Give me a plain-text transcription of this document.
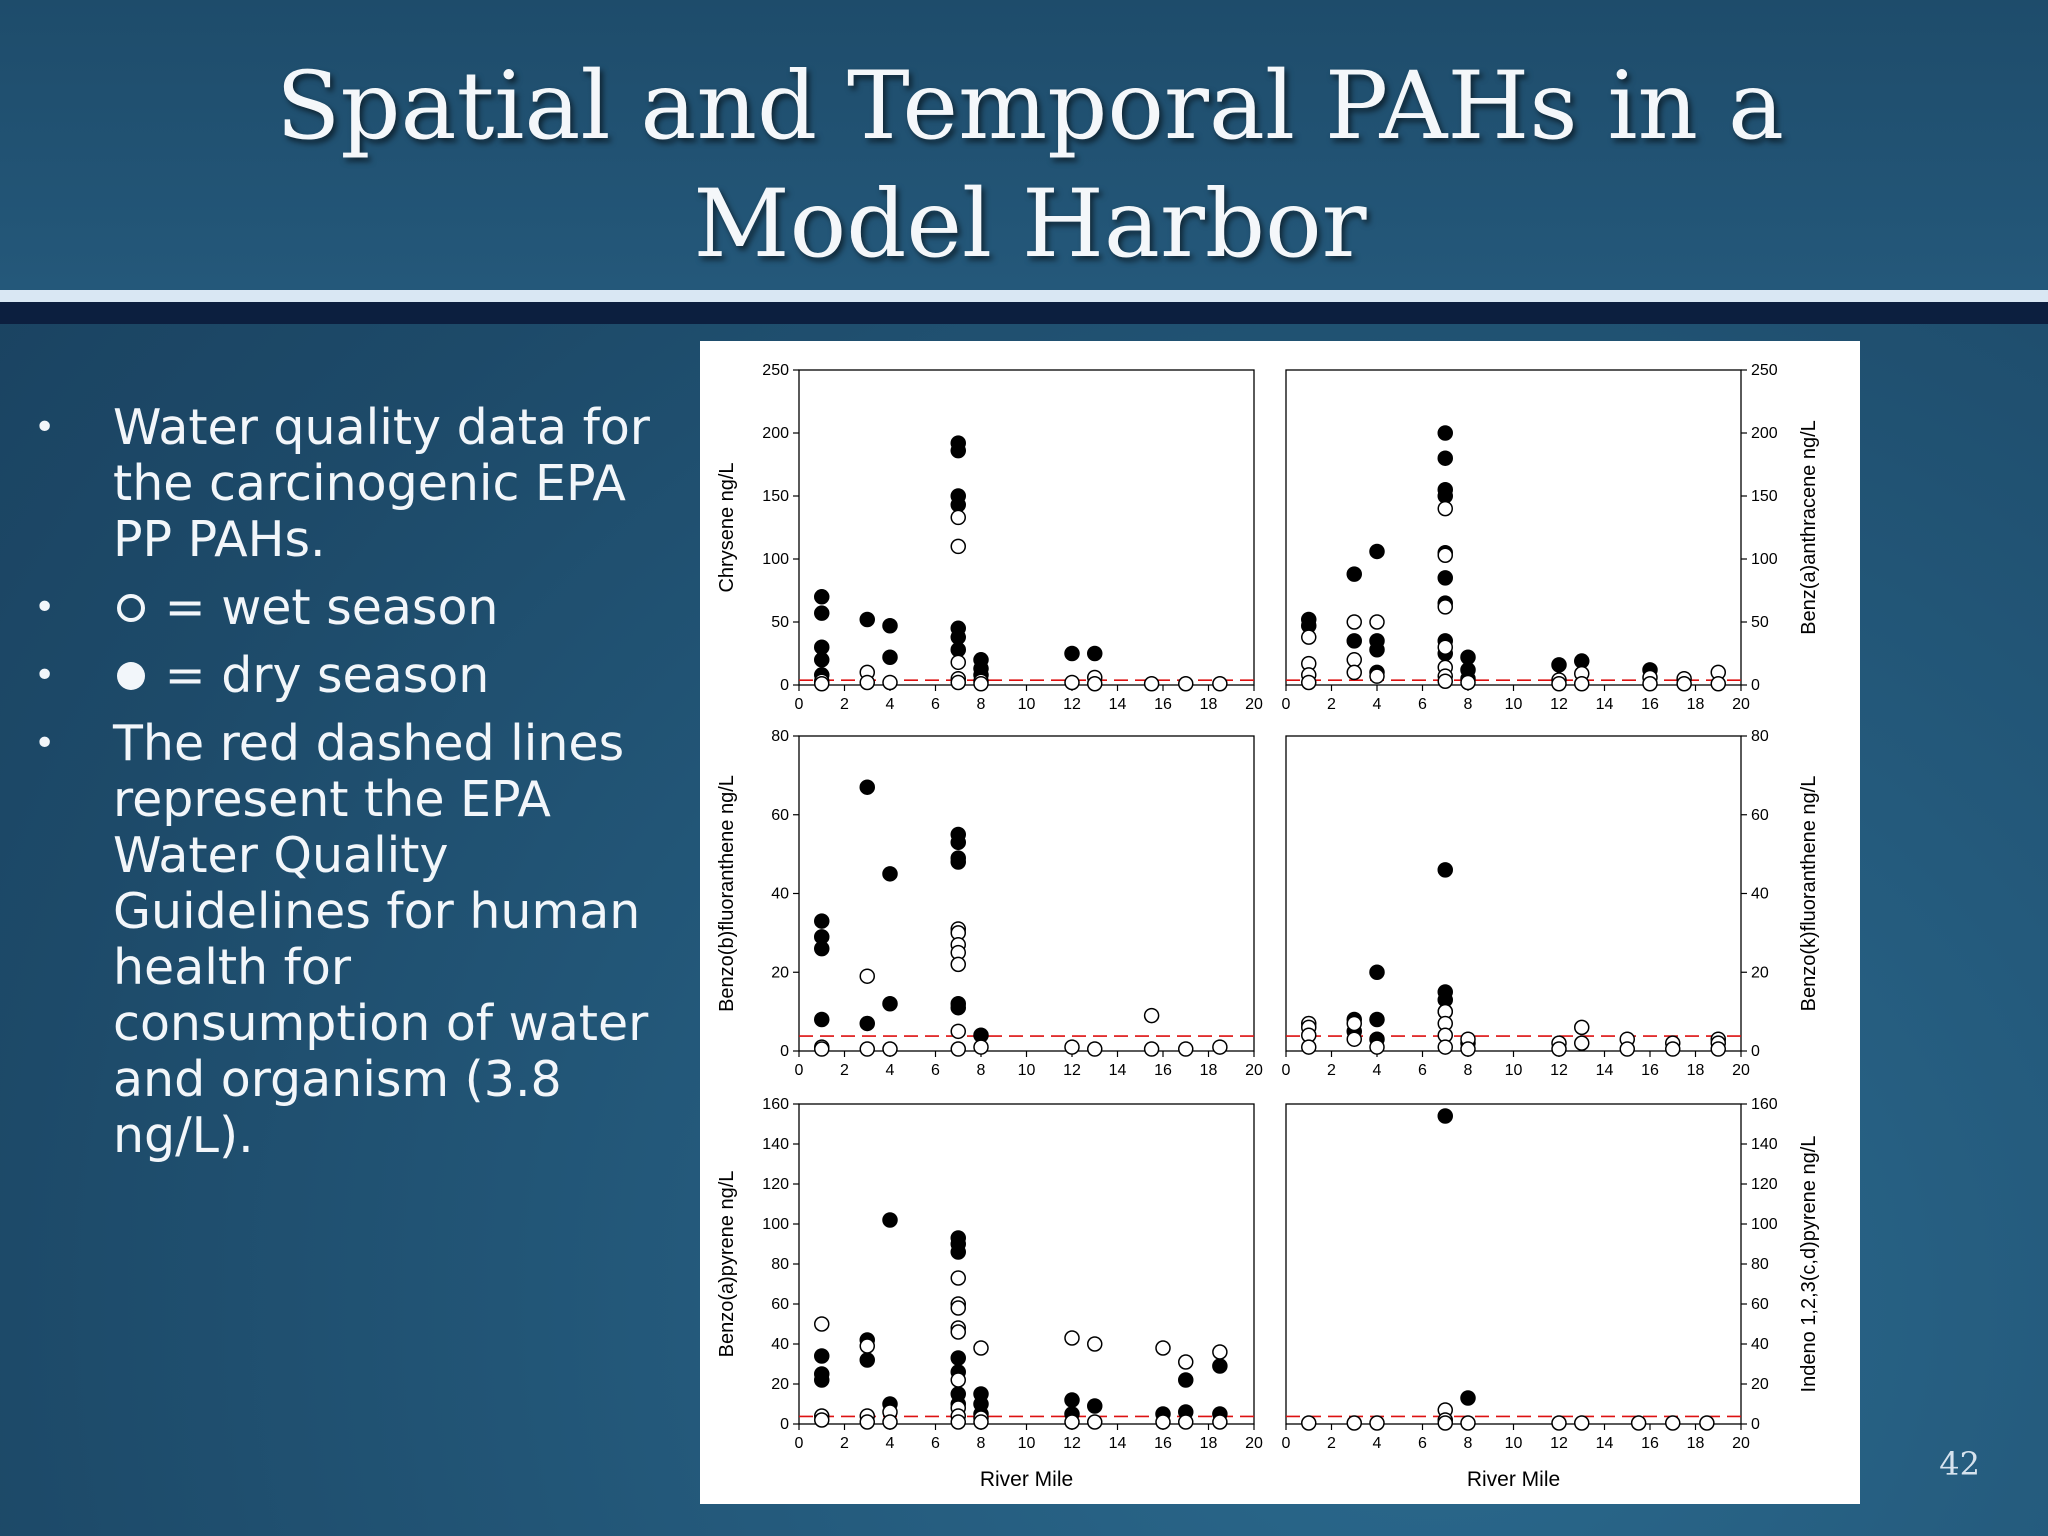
Spatial and Temporal PAHs in a
Model Harbor
• Water quality data for the carcinogenic EPA PP PAHs.
• = wet season
• = dry season
• The red dashed lines represent the EPA Water Quality Guidelines for human health for consumption of water and organism (3.8 ng/L).
0 2 4 6 8 10 12 14 16 18 20
0
50
100
150
200
250
Chrysene ng/L
0 2 4 6 8 10 12 14 16 18 20
0
50
100
150
200
250
Benz(a)anthracene ng/L
0 2 4 6 8 10 12 14 16 18 20
0
20
40
60
80
Benzo(b)fluoranthene ng/L
0 2 4 6 8 10 12 14 16 18 20
0
20
40
60
80
Benzo(k)fluoranthene ng/L
0 2 4 6 8 10 12 14 16 18 20
0
20
40
60
80
100
120
140
160
Benzo(a)pyrene ng/L
River Mile
0 2 4 6 8 10 12 14 16 18 20
0
20
40
60
80
100
120
140
160
Indeno 1,2,3(c,d)pyrene ng/L
River Mile	42
